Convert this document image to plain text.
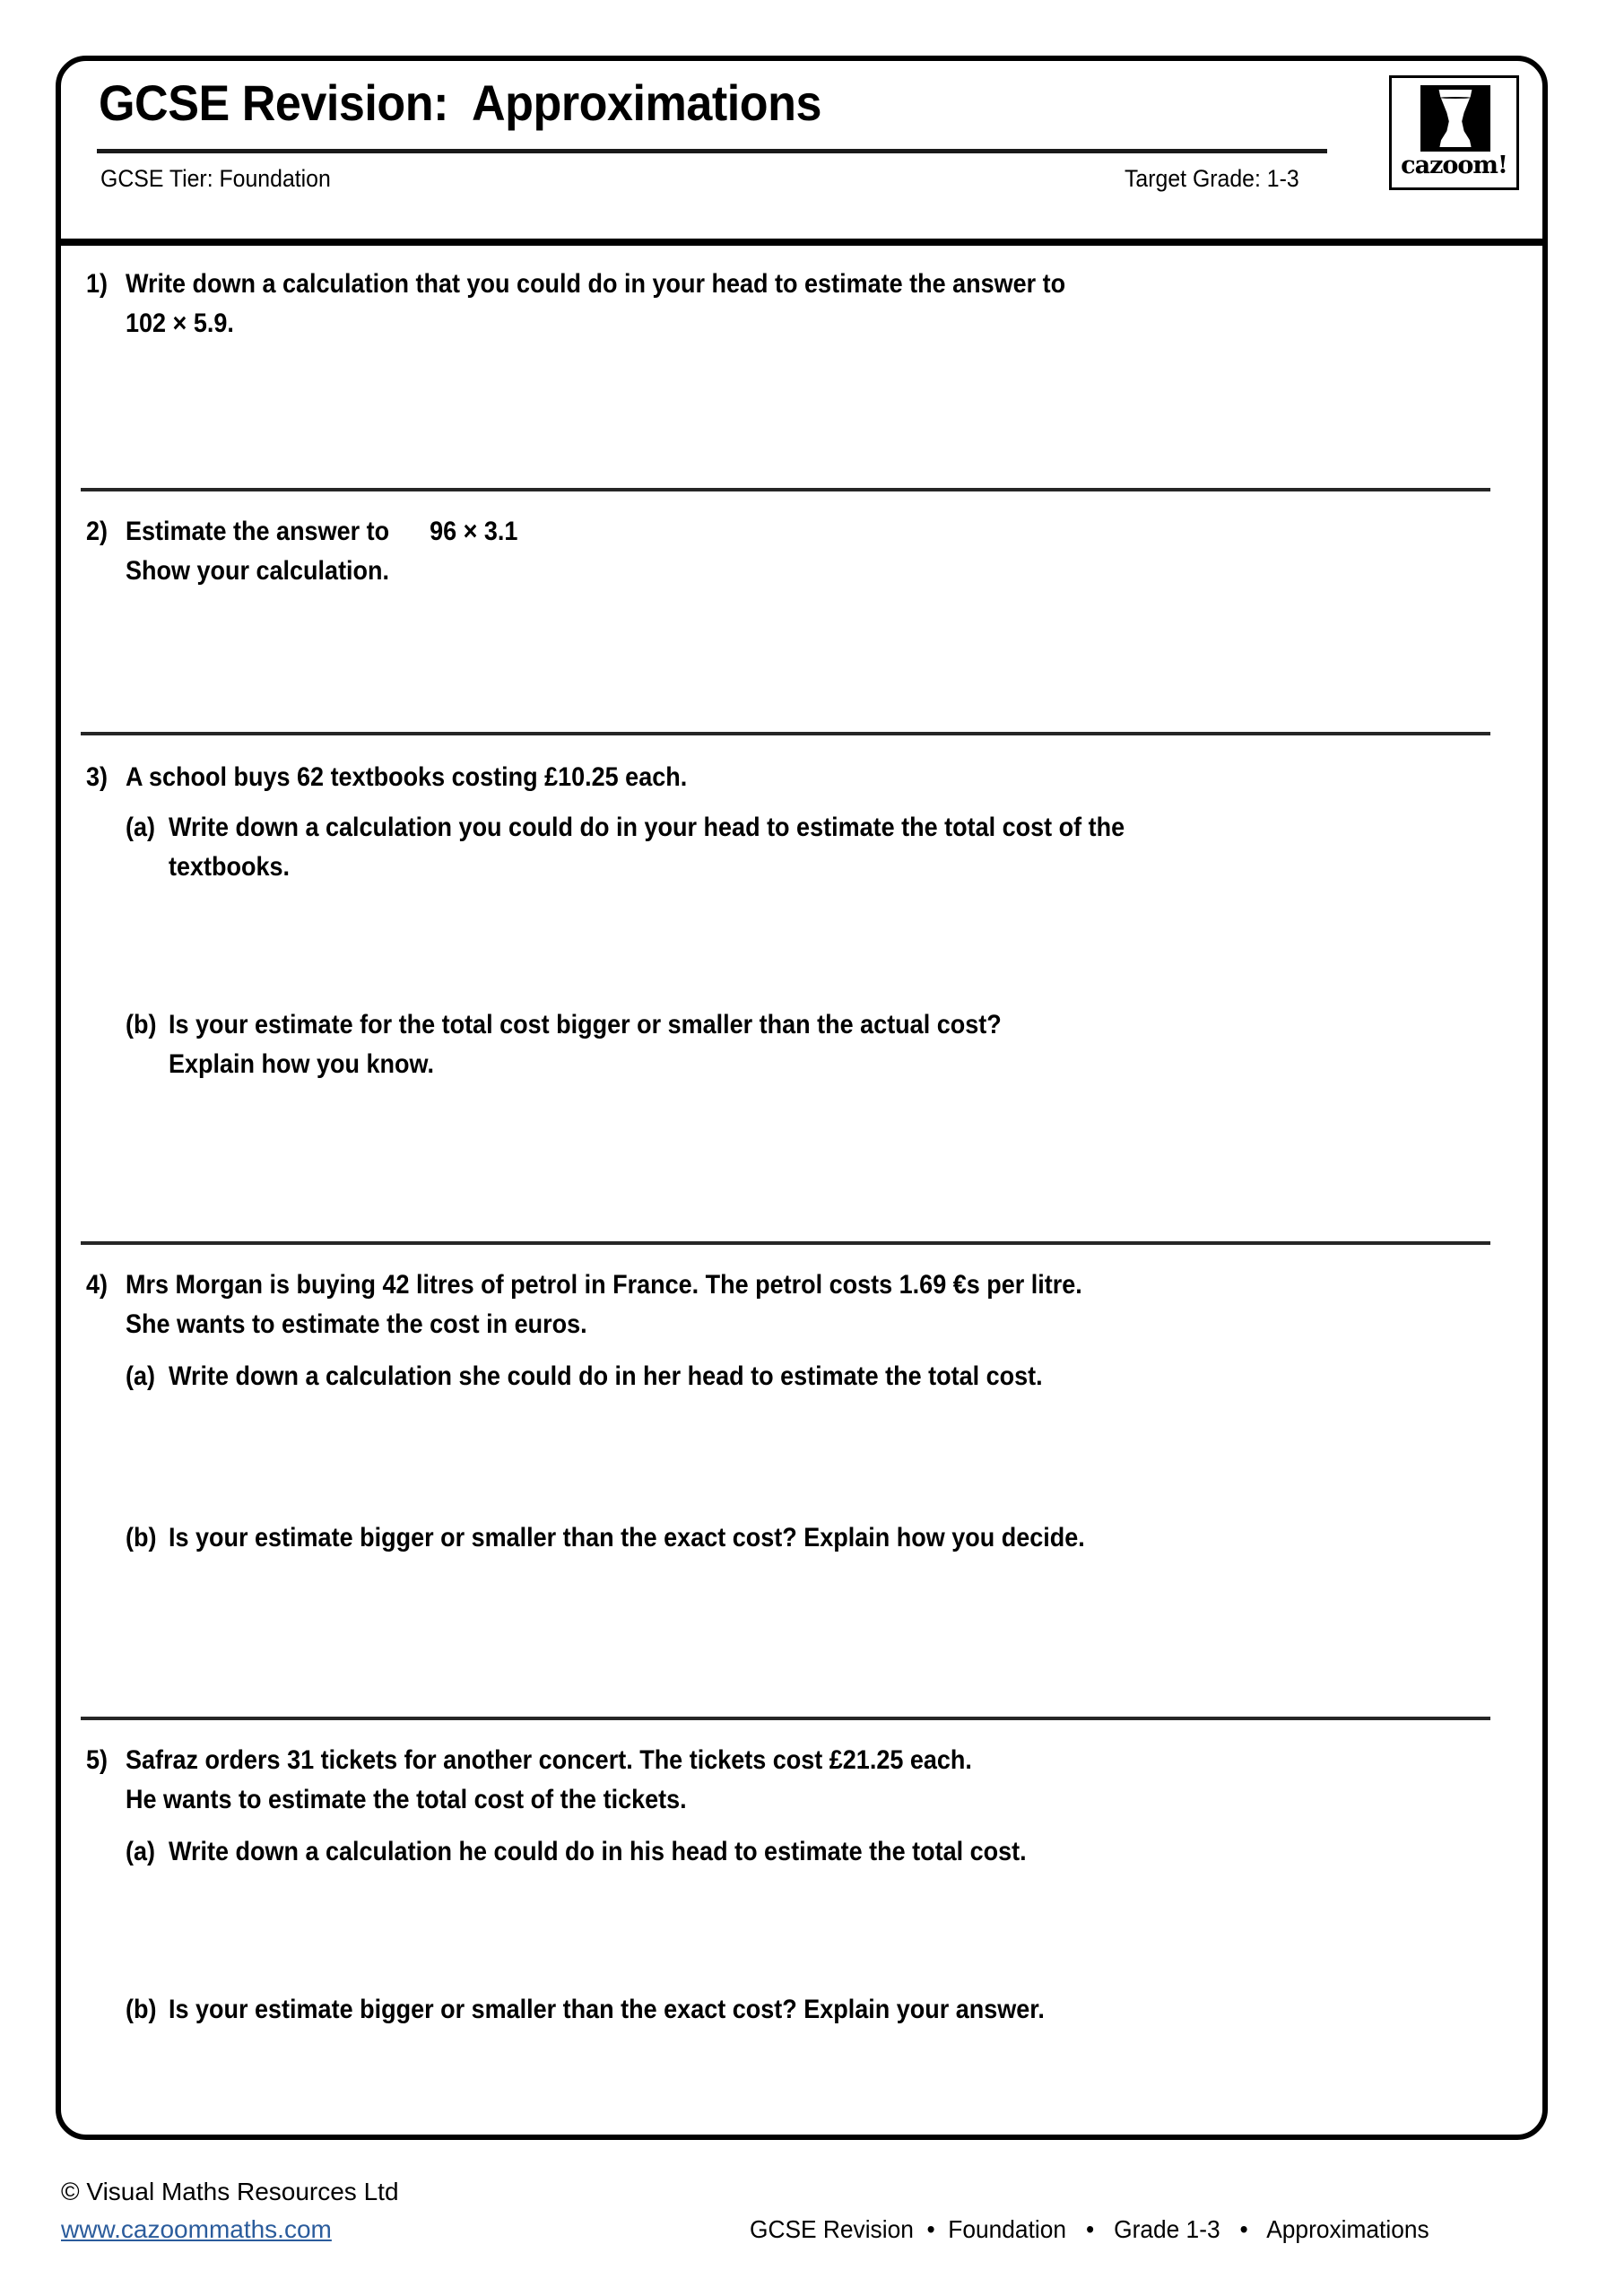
GCSE Revision:  Approximations
GCSE Tier: Foundation	Target Grade: 1-3	cazoom!
1) Write down a calculation that you could do in your head to estimate the answer to
102 × 5.9.
2) Estimate the answer to      96 × 3.1
Show your calculation.
3) A school buys 62 textbooks costing £10.25 each.
(a) Write down a calculation you could do in your head to estimate the total cost of the
textbooks.
(b) Is your estimate for the total cost bigger or smaller than the actual cost?
Explain how you know.
4) Mrs Morgan is buying 42 litres of petrol in France. The petrol costs 1.69 €s per litre.
She wants to estimate the cost in euros.
(a) Write down a calculation she could do in her head to estimate the total cost.
(b) Is your estimate bigger or smaller than the exact cost? Explain how you decide.
5) Safraz orders 31 tickets for another concert. The tickets cost £21.25 each.
He wants to estimate the total cost of the tickets.
(a) Write down a calculation he could do in his head to estimate the total cost.
(b) Is your estimate bigger or smaller than the exact cost? Explain your answer.
© Visual Maths Resources Ltd
www.cazoommaths.com	GCSE Revision  •  Foundation   •   Grade 1-3   •   Approximations
